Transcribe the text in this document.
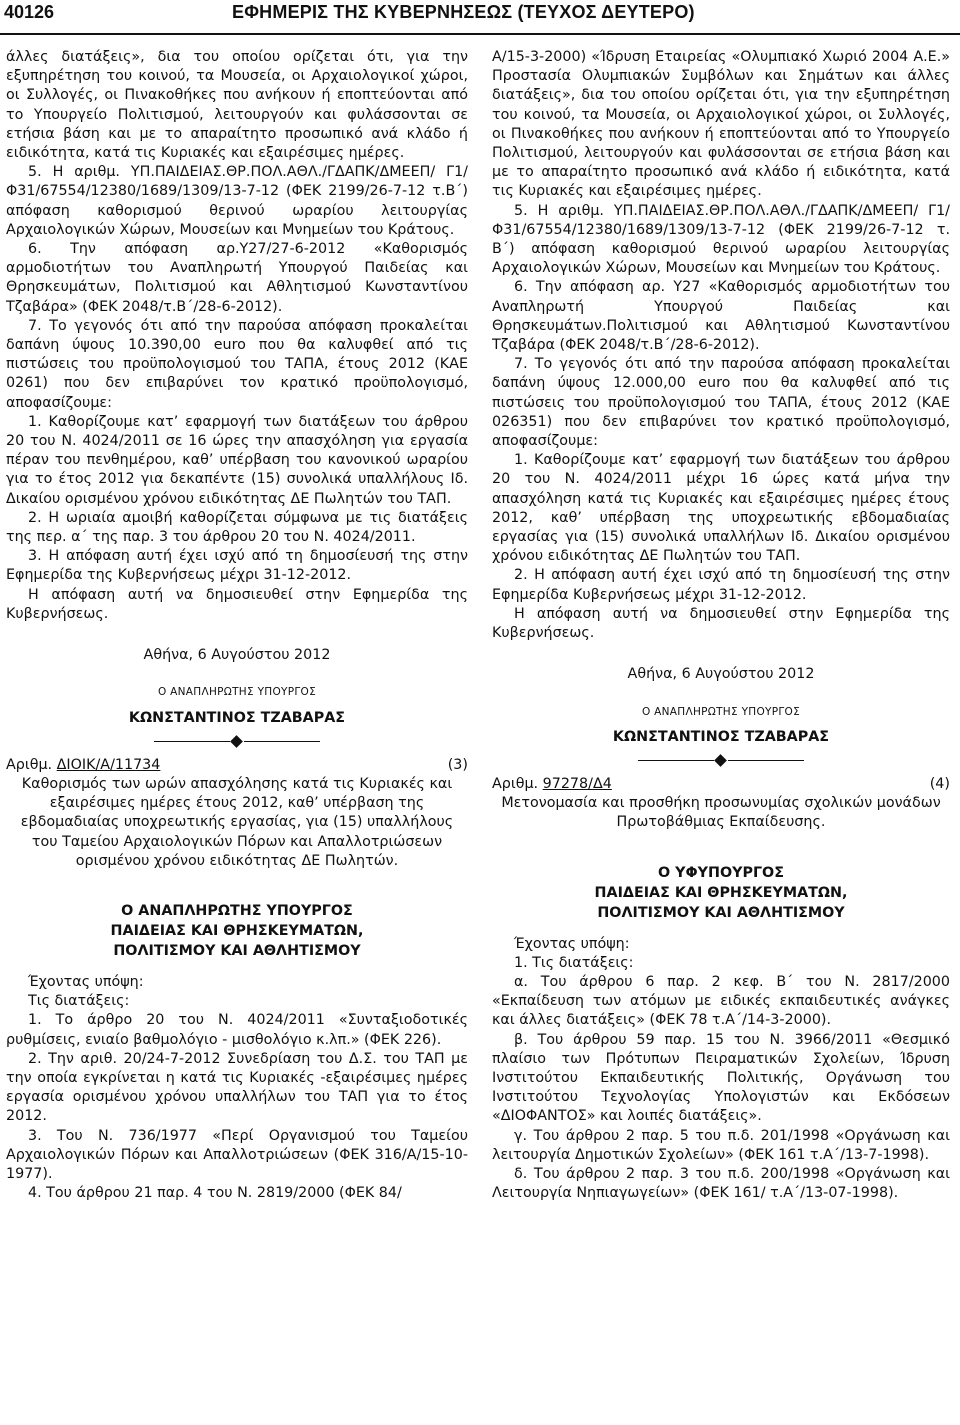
40126	ΕΦΗΜΕΡΙΣ ΤΗΣ ΚΥΒΕΡΝΗΣΕΩΣ (ΤΕΥΧΟΣ ΔΕΥΤΕΡΟ)

άλλες διατάξεις», δια του οποίου ορίζεται ότι, για την εξυπηρέτηση του κοινού, τα Μουσεία, οι Αρχαιολογικοί χώροι, οι Συλλογές, οι Πινακοθήκες που ανήκουν ή εποπτεύονται από το Υπουργείο Πολιτισμού, λειτουργούν και φυλάσσονται σε ετήσια βάση και με το απαραίτητο προσωπικό ανά κλάδο ή ειδικότητα, κατά τις Κυριακές και εξαιρέσιμες ημέρες.

5. Η αριθμ. ΥΠ.ΠΑΙΔΕΙΑΣ.ΘΡ.ΠΟΛ.ΑΘΛ./ΓΔΑΠΚ/ΔΜΕΕΠ/ Γ1/Φ31/67554/12380/1689/1309/13-7-12 (ΦΕΚ 2199/26-7-12 τ.Β΄) απόφαση καθορισμού θερινού ωραρίου λειτουργίας Αρχαιολογικών Χώρων, Μουσείων και Μνημείων του Κράτους.

6. Την απόφαση αρ.Υ27/27-6-2012 «Καθορισμός αρμοδιοτήτων του Αναπληρωτή Υπουργού Παιδείας και Θρησκευμάτων, Πολιτισμού και Αθλητισμού Κωνσταντίνου Τζαβάρα» (ΦΕΚ 2048/τ.Β΄/28-6-2012).

7. Το γεγονός ότι από την παρούσα απόφαση προκαλείται δαπάνη ύψους 10.390,00 euro που θα καλυφθεί από τις πιστώσεις του προϋπολογισμού του ΤΑΠΑ, έτους 2012 (ΚΑΕ 0261) που δεν επιβαρύνει τον κρατικό προϋπολογισμό, αποφασίζουμε:

1. Καθορίζουμε κατ’ εφαρμογή των διατάξεων του άρθρου 20 του Ν. 4024/2011 σε 16 ώρες την απασχόληση για εργασία πέραν του πενθημέρου, καθ’ υπέρβαση του κανονικού ωραρίου για το έτος 2012 για δεκαπέντε (15) συνολικά υπαλλήλους Ιδ. Δικαίου ορισμένου χρόνου ειδικότητας ΔΕ Πωλητών του ΤΑΠ.

2. Η ωριαία αμοιβή καθορίζεται σύμφωνα με τις διατάξεις της περ. α΄ της παρ. 3 του άρθρου 20 του Ν. 4024/2011.

3. Η απόφαση αυτή έχει ισχύ από τη δημοσίευσή της στην Εφημερίδα της Κυβερνήσεως μέχρι 31-12-2012.

Η απόφαση αυτή να δημοσιευθεί στην Εφημερίδα της Κυβερνήσεως.

Αθήνα, 6 Αυγούστου 2012

Ο ΑΝΑΠΛΗΡΩΤΗΣ ΥΠΟΥΡΓΟΣ

ΚΩΝΣΤΑΝΤΙΝΟΣ ΤΖΑΒΑΡΑΣ

Αριθμ. ΔΙΟΙΚ/Α/11734	(3)

Καθορισμός των ωρών απασχόλησης κατά τις Κυριακές και εξαιρέσιμες ημέρες έτους 2012, καθ’ υπέρβαση της εβδομαδιαίας υποχρεωτικής εργασίας, για (15) υπαλλήλους του Ταμείου Αρχαιολογικών Πόρων και Απαλλοτριώσεων ορισμένου χρόνου ειδικότητας ΔΕ Πωλητών.

Ο ΑΝΑΠΛΗΡΩΤΗΣ ΥΠΟΥΡΓΟΣ

ΠΑΙΔΕΙΑΣ ΚΑΙ ΘΡΗΣΚΕΥΜΑΤΩΝ,

ΠΟΛΙΤΙΣΜΟΥ ΚΑΙ ΑΘΛΗΤΙΣΜΟΥ

Έχοντας υπόψη:

Τις διατάξεις:

1. Το άρθρο 20 του Ν. 4024/2011 «Συνταξιοδοτικές ρυθμίσεις, ενιαίο βαθμολόγιο - μισθολόγιο κ.λπ.» (ΦΕΚ 226).

2. Την αριθ. 20/24-7-2012 Συνεδρίαση του Δ.Σ. του ΤΑΠ με την οποία εγκρίνεται η κατά τις Κυριακές -εξαιρέσιμες ημέρες εργασία ορισμένου χρόνου υπαλλήλων του ΤΑΠ για το έτος 2012.

3. Του Ν. 736/1977 «Περί Οργανισμού του Ταμείου Αρχαιολογικών Πόρων και Απαλλοτριώσεων (ΦΕΚ 316/Α/15-10-1977).

4. Του άρθρου 21 παρ. 4 του Ν. 2819/2000 (ΦΕΚ 84/

Α/15-3-2000) «Ίδρυση Εταιρείας «Ολυμπιακό Χωριό 2004 Α.Ε.» Προστασία Ολυμπιακών Συμβόλων και Σημάτων και άλλες διατάξεις», δια του οποίου ορίζεται ότι, για την εξυπηρέτηση του κοινού, τα Μουσεία, οι Αρχαιολογικοί χώροι, οι Συλλογές, οι Πινακοθήκες που ανήκουν ή εποπτεύονται από το Υπουργείο Πολιτισμού, λειτουργούν και φυλάσσονται σε ετήσια βάση και με το απαραίτητο προσωπικό ανά κλάδο ή ειδικότητα, κατά τις Κυριακές και εξαιρέσιμες ημέρες.

5. Η αριθμ. ΥΠ.ΠΑΙΔΕΙΑΣ.ΘΡ.ΠΟΛ.ΑΘΛ./ΓΔΑΠΚ/ΔΜΕΕΠ/ Γ1/Φ31/67554/12380/1689/1309/13-7-12 (ΦΕΚ 2199/26-7-12 τ. Β΄) απόφαση καθορισμού θερινού ωραρίου λειτουργίας Αρχαιολογικών Χώρων, Μουσείων και Μνημείων του Κράτους.

6. Την απόφαση αρ. Υ27 «Καθορισμός αρμοδιοτήτων του Αναπληρωτή Υπουργού Παιδείας και Θρησκευμάτων.Πολιτισμού και Αθλητισμού Κωνσταντίνου Τζαβάρα (ΦΕΚ 2048/τ.Β΄/28-6-2012).

7. Το γεγονός ότι από την παρούσα απόφαση προκαλείται δαπάνη ύψους 12.000,00 euro που θα καλυφθεί από τις πιστώσεις του προϋπολογισμού του ΤΑΠΑ, έτους 2012 (ΚΑΕ 026351) που δεν επιβαρύνει τον κρατικό προϋπολογισμό, αποφασίζουμε:

1. Καθορίζουμε κατ’ εφαρμογή των διατάξεων του άρθρου 20 του Ν. 4024/2011 μέχρι 16 ώρες κατά μήνα την απασχόληση κατά τις Κυριακές και εξαιρέσιμες ημέρες έτους 2012, καθ’ υπέρβαση της υποχρεωτικής εβδομαδιαίας εργασίας για (15) συνολικά υπαλλήλων Ιδ. Δικαίου ορισμένου χρόνου ειδικότητας ΔΕ Πωλητών του ΤΑΠ.

2. Η απόφαση αυτή έχει ισχύ από τη δημοσίευσή της στην Εφημερίδα Κυβερνήσεως μέχρι 31-12-2012.

Η απόφαση αυτή να δημοσιευθεί στην Εφημερίδα της Κυβερνήσεως.

Αθήνα, 6 Αυγούστου 2012

Ο ΑΝΑΠΛΗΡΩΤΗΣ ΥΠΟΥΡΓΟΣ

ΚΩΝΣΤΑΝΤΙΝΟΣ ΤΖΑΒΑΡΑΣ

Αριθμ. 97278/Δ4	(4)

Μετονομασία και προσθήκη προσωνυμίας σχολικών μονάδων Πρωτοβάθμιας Εκπαίδευσης.

Ο ΥΦΥΠΟΥΡΓΟΣ

ΠΑΙΔΕΙΑΣ ΚΑΙ ΘΡΗΣΚΕΥΜΑΤΩΝ,

ΠΟΛΙΤΙΣΜΟΥ ΚΑΙ ΑΘΛΗΤΙΣΜΟΥ

Έχοντας υπόψη:

1. Τις διατάξεις:

α. Του άρθρου 6 παρ. 2 κεφ. Β΄ του Ν. 2817/2000 «Εκπαίδευση των ατόμων με ειδικές εκπαιδευτικές ανάγκες και άλλες διατάξεις» (ΦΕΚ 78 τ.Α΄/14-3-2000).

β. Του άρθρου 59 παρ. 15 του Ν. 3966/2011 «Θεσμικό πλαίσιο των Πρότυπων Πειραματικών Σχολείων, Ίδρυση Ινστιτούτου Εκπαιδευτικής Πολιτικής, Οργάνωση του Ινστιτούτου Τεχνολογίας Υπολογιστών και Εκδόσεων «ΔΙΟΦΑΝΤΟΣ» και λοιπές διατάξεις».

γ. Του άρθρου 2 παρ. 5 του π.δ. 201/1998 «Οργάνωση και λειτουργία Δημοτικών Σχολείων» (ΦΕΚ 161 τ.Α΄/13-7-1998).

δ. Του άρθρου 2 παρ. 3 του π.δ. 200/1998 «Οργάνωση και Λειτουργία Νηπιαγωγείων» (ΦΕΚ 161/ τ.Α΄/13-07-1998).
